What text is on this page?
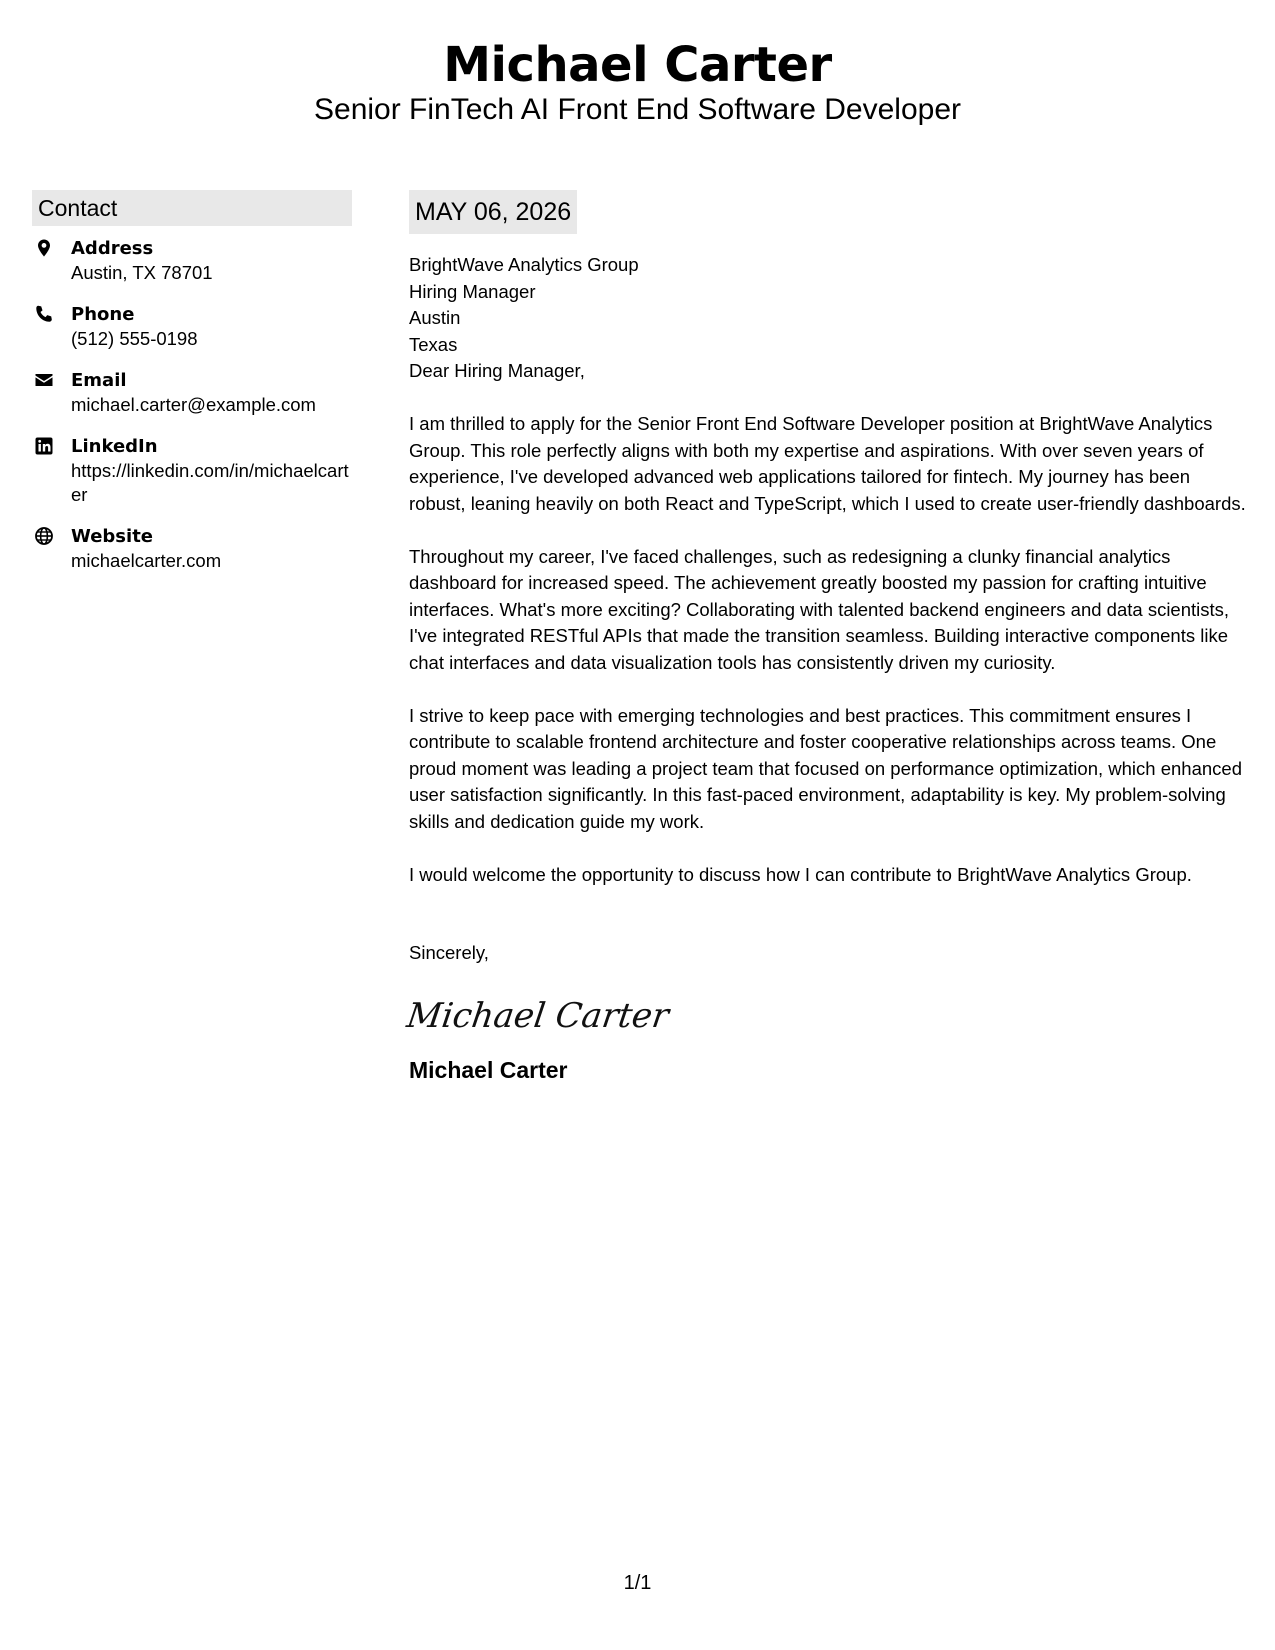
Michael Carter
Senior FinTech AI Front End Software Developer
Contact
Address
Austin, TX 78701
Phone
(512) 555-0198
Email
michael.carter@example.com
LinkedIn
https://linkedin.com/in/michaelcarter
Website
michaelcarter.com
MAY 06, 2026
BrightWave Analytics Group
Hiring Manager
Austin
Texas
Dear Hiring Manager,

I am thrilled to apply for the Senior Front End Software Developer position at BrightWave Analytics Group. This role perfectly aligns with both my expertise and aspirations. With over seven years of experience, I've developed advanced web applications tailored for fintech. My journey has been robust, leaning heavily on both React and TypeScript, which I used to create user-friendly dashboards.

Throughout my career, I've faced challenges, such as redesigning a clunky financial analytics dashboard for increased speed. The achievement greatly boosted my passion for crafting intuitive interfaces. What's more exciting? Collaborating with talented backend engineers and data scientists, I've integrated RESTful APIs that made the transition seamless. Building interactive components like chat interfaces and data visualization tools has consistently driven my curiosity.

I strive to keep pace with emerging technologies and best practices. This commitment ensures I contribute to scalable frontend architecture and foster cooperative relationships across teams. One proud moment was leading a project team that focused on performance optimization, which enhanced user satisfaction significantly. In this fast-paced environment, adaptability is key. My problem-solving skills and dedication guide my work.

I would welcome the opportunity to discuss how I can contribute to BrightWave Analytics Group.

Sincerely,
Michael Carter
Michael Carter
1/1
